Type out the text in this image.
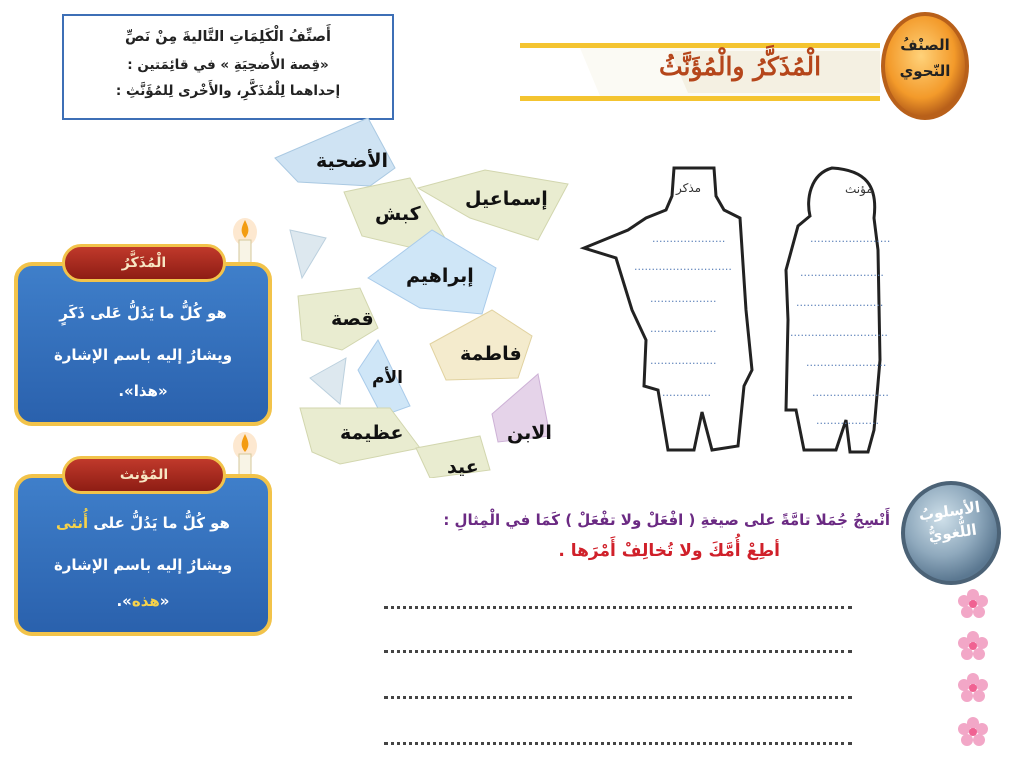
أَصنِّفُ الْكَلِمَاتِ التَّاليةَ مِنْ نَصِّ
«قِصة الأُضحِيَةِ » في قائِمَتين :
إحداهما لِلْمُذَكَّرِ، والأَخْرى لِلمُؤَنَّثِ :
الْمُذَكَّرُ والْمُؤَنَّثُ
الصنْفُ
النّحوي
الأضحية
إسماعيل
كبش
إبراهيم
قصة
فاطمة
الأم
الابن
عظيمة
عيد
مذكر	مؤنث
.....................
............................
...................
...................
...................
..............
.......................
........................
.........................
............................
.......................
......................
..................

هو كُلُّ ما يَدُلُّ عَلى ذَكَرٍ

ويشارُ إليه باسم الإشارة

«هذا».

الْمُذَكَّرُ

هو كُلُّ ما يَدُلُّ على أُنثى

ويشارُ إليه باسم الإشارة

«هذه».

المُؤنث
الأسلوبُ
اللُّغويُّ
أَنْسِجُ جُمَلا تامَّةً على صيغةِ ( افْعَلْ ولا تفْعَلْ ) كَمَا في الْمِثالِ :
أطِعْ أُمَّكَ ولا تُخالِفْ أَمْرَها .
